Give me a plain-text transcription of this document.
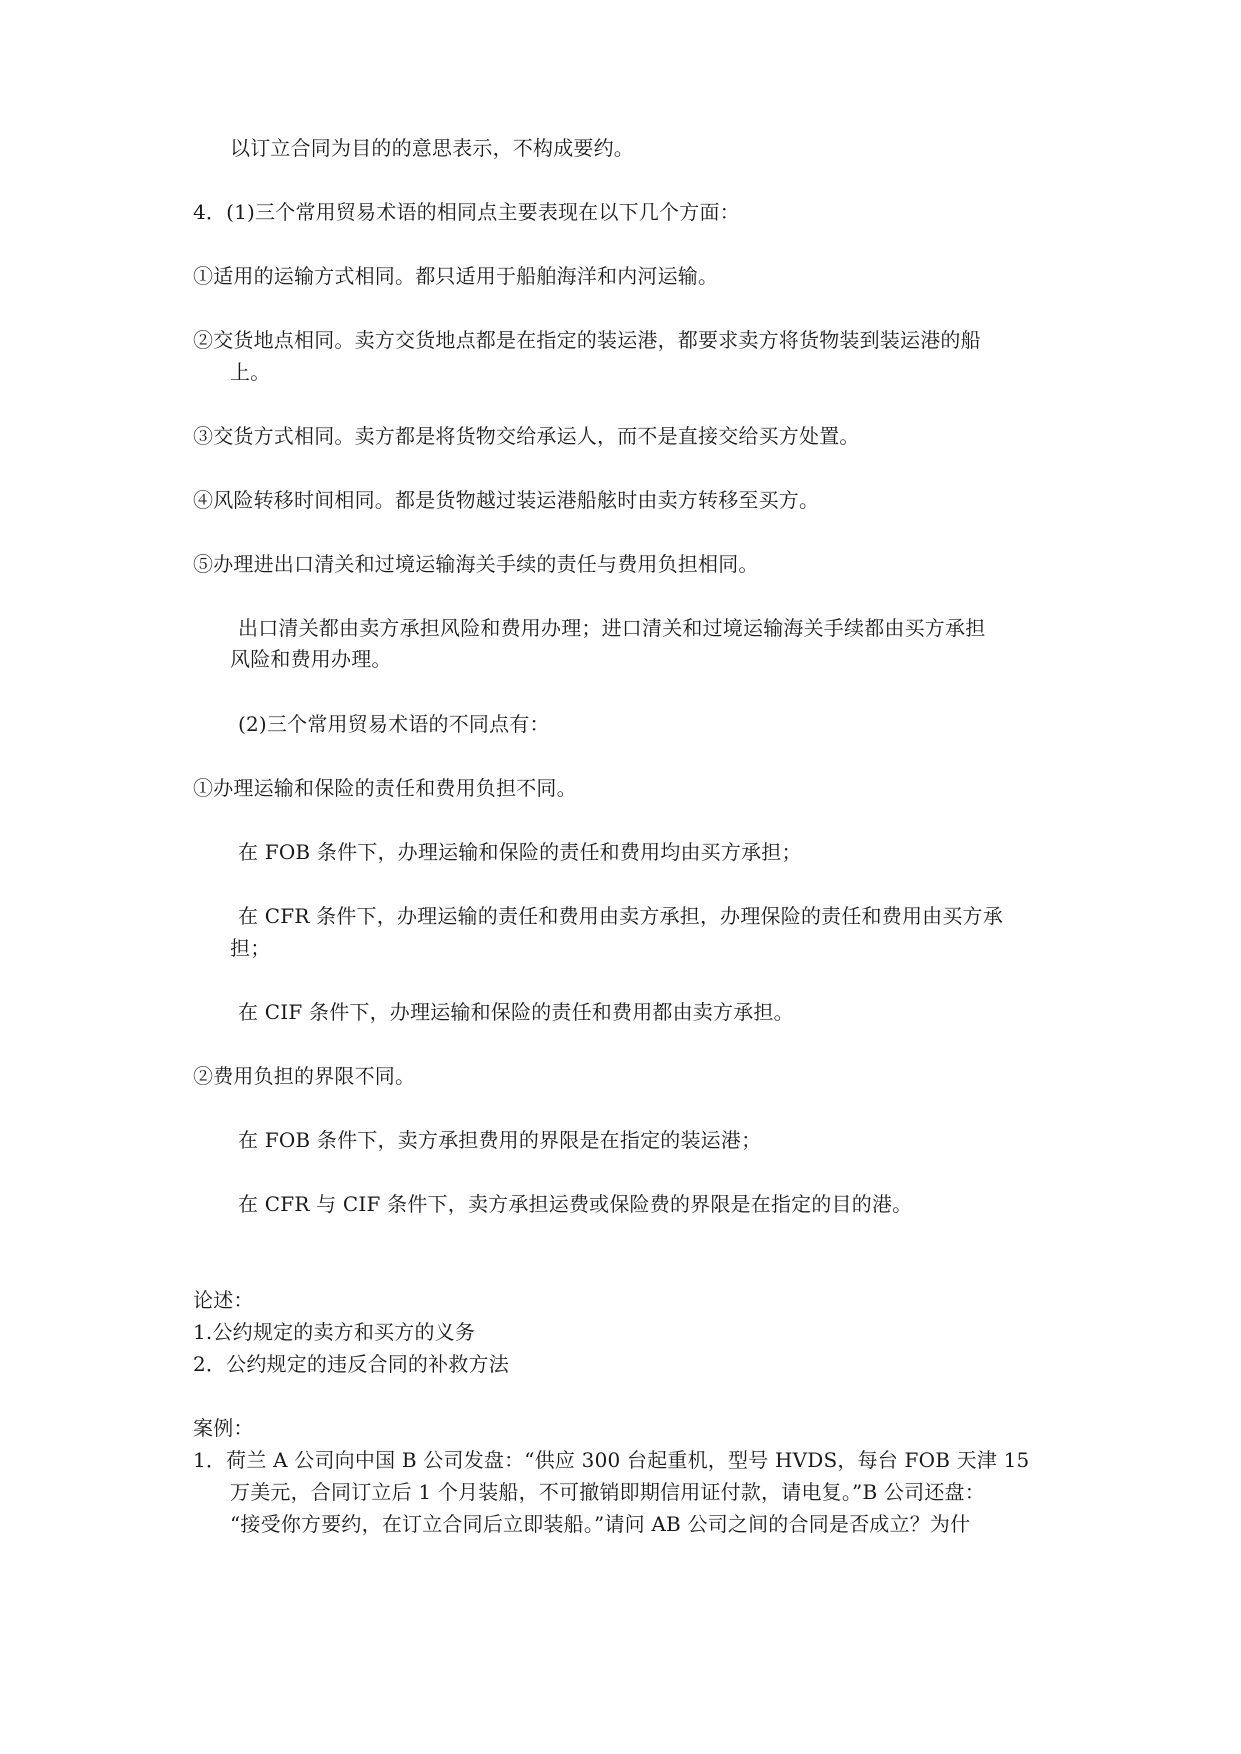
以订立合同为目的的意思表示，不构成要约。
4．(1)三个常用贸易术语的相同点主要表现在以下几个方面：
①适用的运输方式相同。都只适用于船舶海洋和内河运输。
②交货地点相同。卖方交货地点都是在指定的装运港，都要求卖方将货物装到装运港的船
上。
③交货方式相同。卖方都是将货物交给承运人，而不是直接交给买方处置。
④风险转移时间相同。都是货物越过装运港船舷时由卖方转移至买方。
⑤办理进出口清关和过境运输海关手续的责任与费用负担相同。
出口清关都由卖方承担风险和费用办理；进口清关和过境运输海关手续都由买方承担
风险和费用办理。
(2)三个常用贸易术语的不同点有：
①办理运输和保险的责任和费用负担不同。
在 FOB 条件下，办理运输和保险的责任和费用均由买方承担；
在 CFR 条件下，办理运输的责任和费用由卖方承担，办理保险的责任和费用由买方承
担；
在 CIF 条件下，办理运输和保险的责任和费用都由卖方承担。
②费用负担的界限不同。
在 FOB 条件下，卖方承担费用的界限是在指定的装运港；
在 CFR 与 CIF 条件下，卖方承担运费或保险费的界限是在指定的目的港。
论述：
1.公约规定的卖方和买方的义务
2．公约规定的违反合同的补救方法
案例：
1．荷兰 A 公司向中国 B 公司发盘：“供应 300 台起重机，型号 HVDS，每台 FOB 天津 15
万美元，合同订立后 1 个月装船，不可撤销即期信用证付款，请电复。”B 公司还盘：
“接受你方要约，在订立合同后立即装船。”请问 AB 公司之间的合同是否成立？为什
